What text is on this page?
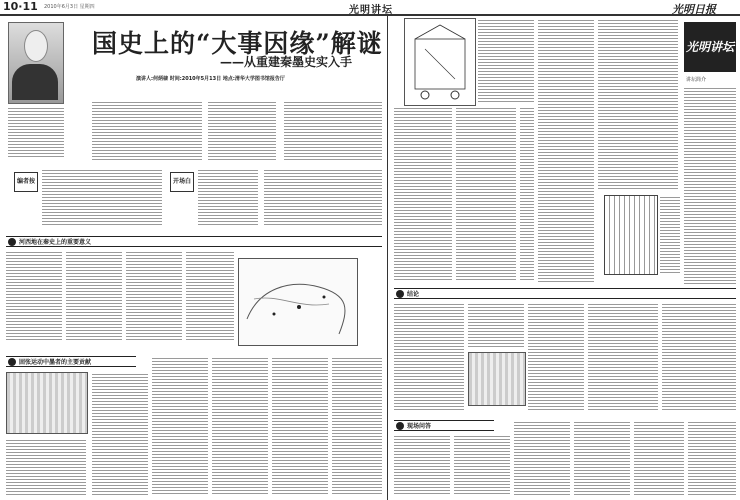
10·11 2010年6月3日 星期四	光明讲坛	光明日报
国史上的“大事因缘”解谜
——从重建秦墨史实入手
演讲人:何炳棣 时间:2010年5月13日 地点:清华大学图书馆报告厅
编者按	开场白
河西地在秦史上的重要意义
固张运动中墨者的主要贡献
光明讲坛
讲坛简介
结论
现场问答
